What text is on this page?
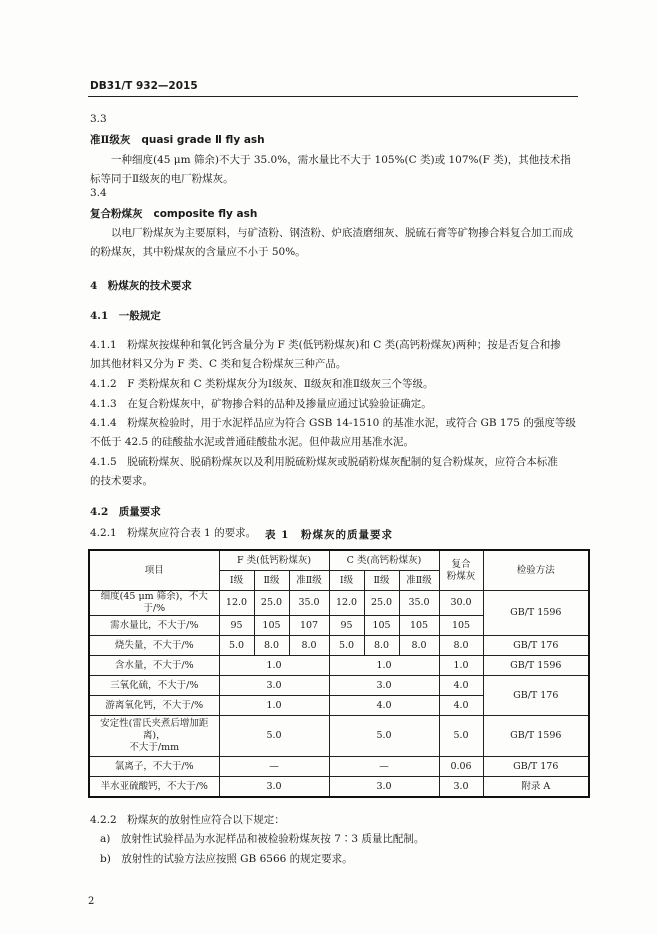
DB31/T 932—2015
3.3
准Ⅱ级灰 quasi grade Ⅱ fly ash
一种细度(45 μm 筛余)不大于 35.0%，需水量比不大于 105%(C 类)或 107%(F 类)，其他技术指
标等同于Ⅱ级灰的电厂粉煤灰。
3.4
复合粉煤灰 composite fly ash
以电厂粉煤灰为主要原料，与矿渣粉、钢渣粉、炉底渣磨细灰、脱硫石膏等矿物掺合料复合加工而成
的粉煤灰，其中粉煤灰的含量应不小于 50%。
4　粉煤灰的技术要求
4.1　一般规定
4.1.1　粉煤灰按煤种和氧化钙含量分为 F 类(低钙粉煤灰)和 C 类(高钙粉煤灰)两种；按是否复合和掺
加其他材料又分为 F 类、C 类和复合粉煤灰三种产品。
4.1.2　F 类粉煤灰和 C 类粉煤灰分为Ⅰ级灰、Ⅱ级灰和准Ⅱ级灰三个等级。
4.1.3　在复合粉煤灰中，矿物掺合料的品种及掺量应通过试验验证确定。
4.1.4　粉煤灰检验时，用于水泥样品应为符合 GSB 14-1510 的基准水泥，或符合 GB 175 的强度等级
不低于 42.5 的硅酸盐水泥或普通硅酸盐水泥。但仲裁应用基准水泥。
4.1.5　脱硫粉煤灰、脱硝粉煤灰以及利用脱硫粉煤灰或脱硝粉煤灰配制的复合粉煤灰，应符合本标准
的技术要求。
4.2　质量要求
4.2.1　粉煤灰应符合表 1 的要求。 表 1　粉煤灰的质量要求
项目	F 类(低钙粉煤灰)			C 类(高钙粉煤灰)			复合
粉煤灰	检验方法
	Ⅰ级	Ⅱ级	准Ⅱ级	Ⅰ级	Ⅱ级	准Ⅱ级		
细度(45 μm 筛余)，不大于/%	12.0	25.0	35.0	12.0	25.0	35.0	30.0	GB/T 1596
需水量比，不大于/%	95	105	107	95	105	105	105	
烧失量，不大于/%	5.0	8.0	8.0	5.0	8.0	8.0	8.0	GB/T 176
含水量，不大于/%	1.0			1.0			1.0	GB/T 1596
三氧化硫，不大于/%	3.0			3.0			4.0	GB/T 176
游离氧化钙，不大于/%	1.0			4.0			4.0	
安定性(雷氏夹煮后增加距离)，
不大于/mm	5.0			5.0			5.0	GB/T 1596
氯离子，不大于/%	—			—			0.06	GB/T 176
半水亚硫酸钙，不大于/%	3.0			3.0			3.0	附录 A
4.2.2　粉煤灰的放射性应符合以下规定：
a)　放射性试验样品为水泥样品和被检验粉煤灰按 7∶3 质量比配制。
b)　放射性的试验方法应按照 GB 6566 的规定要求。
2
